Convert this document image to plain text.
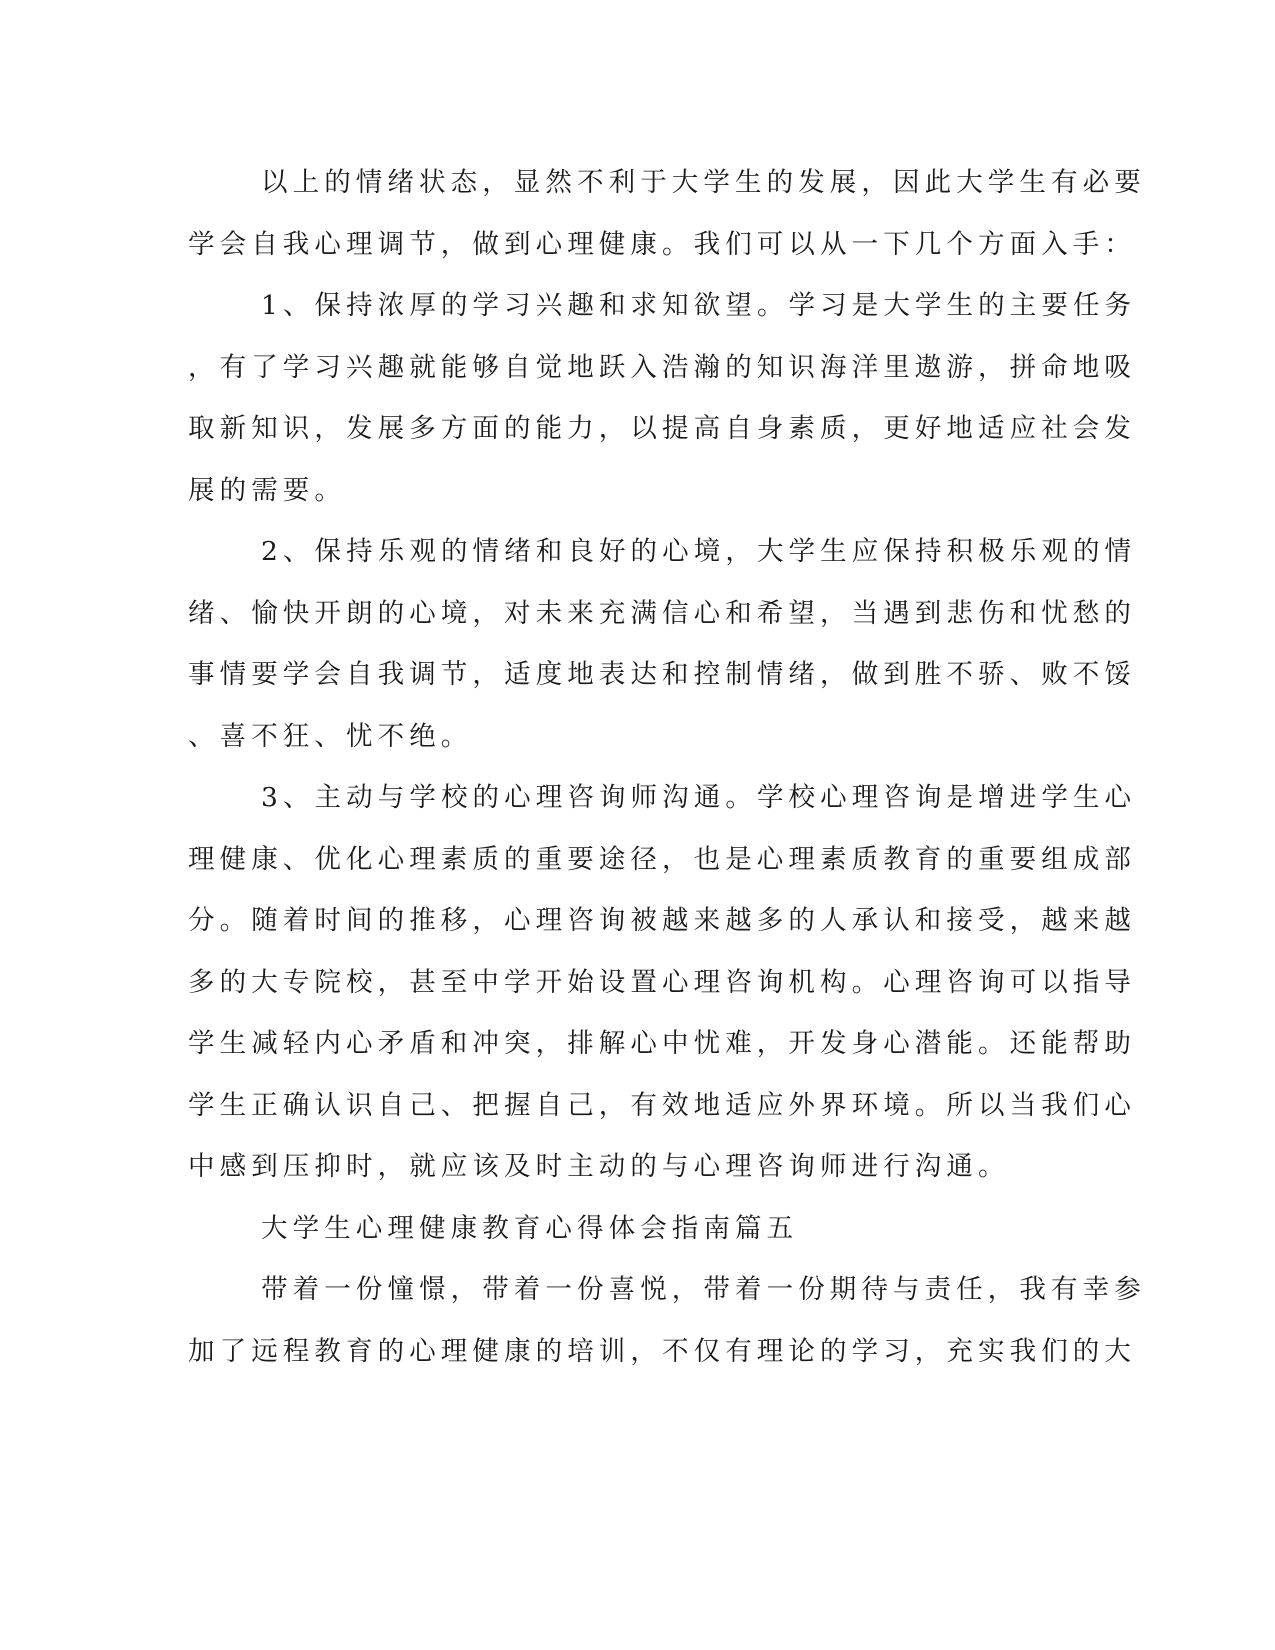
以上的情绪状态，显然不利于大学生的发展，因此大学生有必要
学会自我心理调节，做到心理健康。我们可以从一下几个方面入手：
1、保持浓厚的学习兴趣和求知欲望。学习是大学生的主要任务
，有了学习兴趣就能够自觉地跃入浩瀚的知识海洋里遨游，拼命地吸
取新知识，发展多方面的能力，以提高自身素质，更好地适应社会发
展的需要。
2、保持乐观的情绪和良好的心境，大学生应保持积极乐观的情
绪、愉快开朗的心境，对未来充满信心和希望，当遇到悲伤和忧愁的
事情要学会自我调节，适度地表达和控制情绪，做到胜不骄、败不馁
、喜不狂、忧不绝。
3、主动与学校的心理咨询师沟通。学校心理咨询是增进学生心
理健康、优化心理素质的重要途径，也是心理素质教育的重要组成部
分。随着时间的推移，心理咨询被越来越多的人承认和接受，越来越
多的大专院校，甚至中学开始设置心理咨询机构。心理咨询可以指导
学生减轻内心矛盾和冲突，排解心中忧难，开发身心潜能。还能帮助
学生正确认识自己、把握自己，有效地适应外界环境。所以当我们心
中感到压抑时，就应该及时主动的与心理咨询师进行沟通。
大学生心理健康教育心得体会指南篇五
带着一份憧憬，带着一份喜悦，带着一份期待与责任，我有幸参
加了远程教育的心理健康的培训，不仅有理论的学习，充实我们的大
